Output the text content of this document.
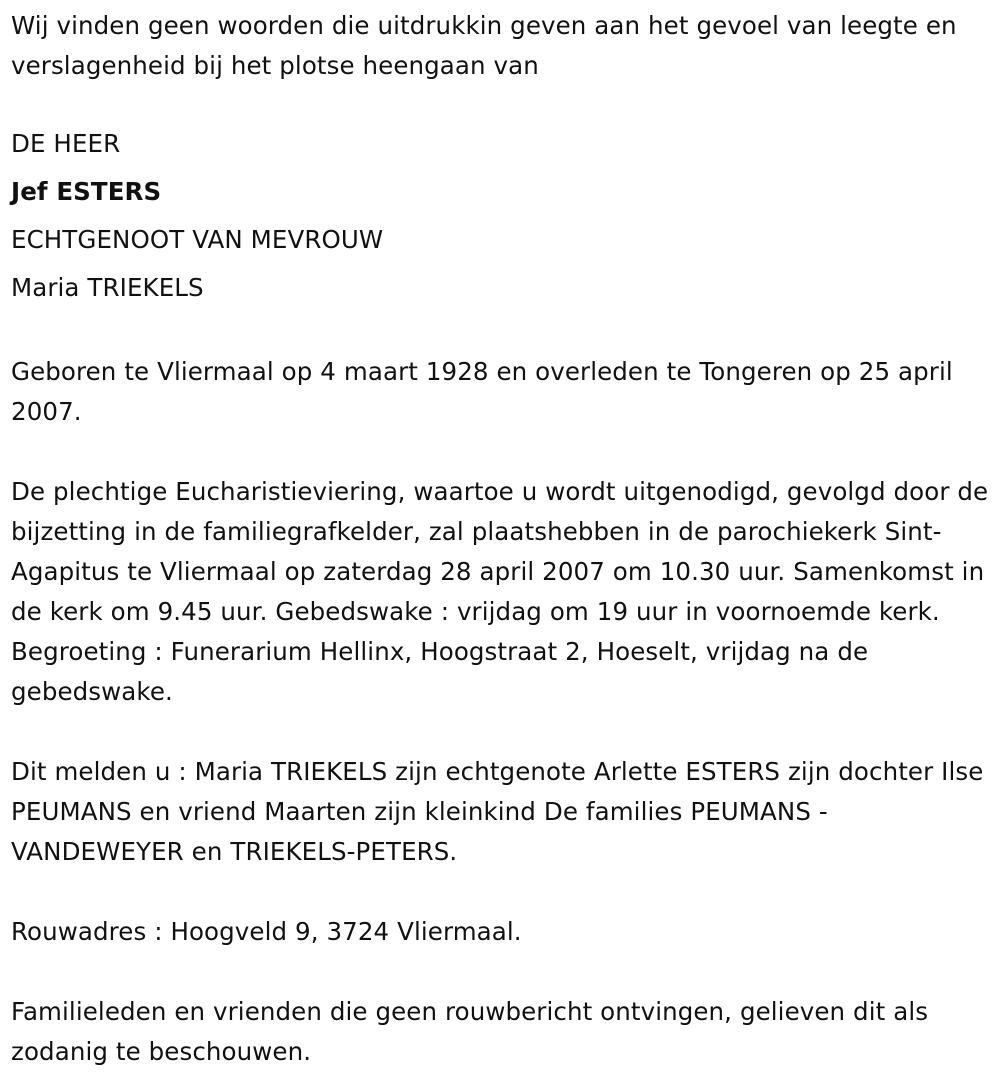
Wij vinden geen woorden die uitdrukkin geven aan het gevoel van leegte en verslagenheid bij het plotse heengaan van

DE HEER

Jef ESTERS

ECHTGENOOT VAN MEVROUW

Maria TRIEKELS

Geboren te Vliermaal op 4 maart 1928 en overleden te Tongeren op 25 april 2007.

De plechtige Eucharistieviering, waartoe u wordt uitgenodigd, gevolgd door de bijzetting in de familiegrafkelder, zal plaatshebben in de parochiekerk Sint-Agapitus te Vliermaal op zaterdag 28 april 2007 om 10.30 uur. Samenkomst in de kerk om 9.45 uur. Gebedswake : vrijdag om 19 uur in voornoemde kerk. Begroeting : Funerarium Hellinx, Hoogstraat 2, Hoeselt, vrijdag na de gebedswake.

Dit melden u : Maria TRIEKELS zijn echtgenote Arlette ESTERS zijn dochter Ilse PEUMANS en vriend Maarten zijn kleinkind De families PEUMANS - VANDEWEYER en TRIEKELS-PETERS.

Rouwadres : Hoogveld 9, 3724 Vliermaal.

Familieleden en vrienden die geen rouwbericht ontvingen, gelieven dit als zodanig te beschouwen.
